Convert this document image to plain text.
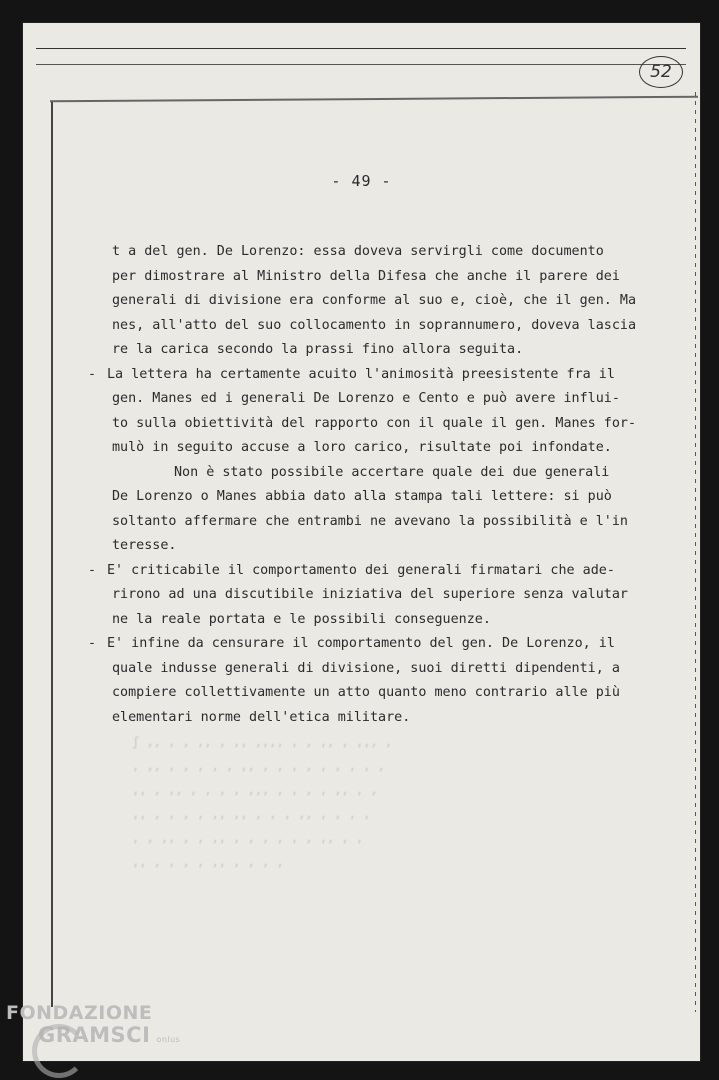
52
- 49 -
t a del gen. De Lorenzo: essa doveva servirgli come documento
per dimostrare al Ministro della Difesa che anche il parere dei
generali di divisione era conforme al suo e, cioè, che il gen. Ma
nes, all'atto del suo collocamento in soprannumero, doveva lascia
re la carica secondo la prassi fino allora seguita.
- La lettera ha certamente acuito l'animosità preesistente fra il
gen. Manes ed i generali De Lorenzo e Cento e può avere influi-
to sulla obiettività del rapporto con il quale il gen. Manes for-
mulò in seguito accuse a loro carico, risultate poi infondate.
Non è stato possibile accertare quale dei due generali
De Lorenzo o Manes abbia dato alla stampa tali lettere: si può
soltanto affermare che entrambi ne avevano la possibilità e l'in
teresse.
- E' criticabile il comportamento dei generali firmatari che ade-
rirono ad una discutibile iniziativa del superiore senza valutar
ne la reale portata e le possibili conseguenze.
- E' infine da censurare il comportamento del gen. De Lorenzo, il
quale indusse generali di divisione, suoi diretti dipendenti, a
compiere collettivamente un atto quanto meno contrario alle più
elementari norme dell'etica militare.
ʃ ,, , , ,, , ,, ,,,, , , ,, , ,,, ,
, ,, , , , , , ,, , , , , , , , , ,
,, , ,, , , , , ,,, , , , , ,, , ,
,, , , , , ,, ,, , , , ,, , , , ,
, , ,, , , ,, , , , , , , ,, , ,
,, , , , , ,, , , , ,
FONDAZIONE
GRAMSCI onlus
